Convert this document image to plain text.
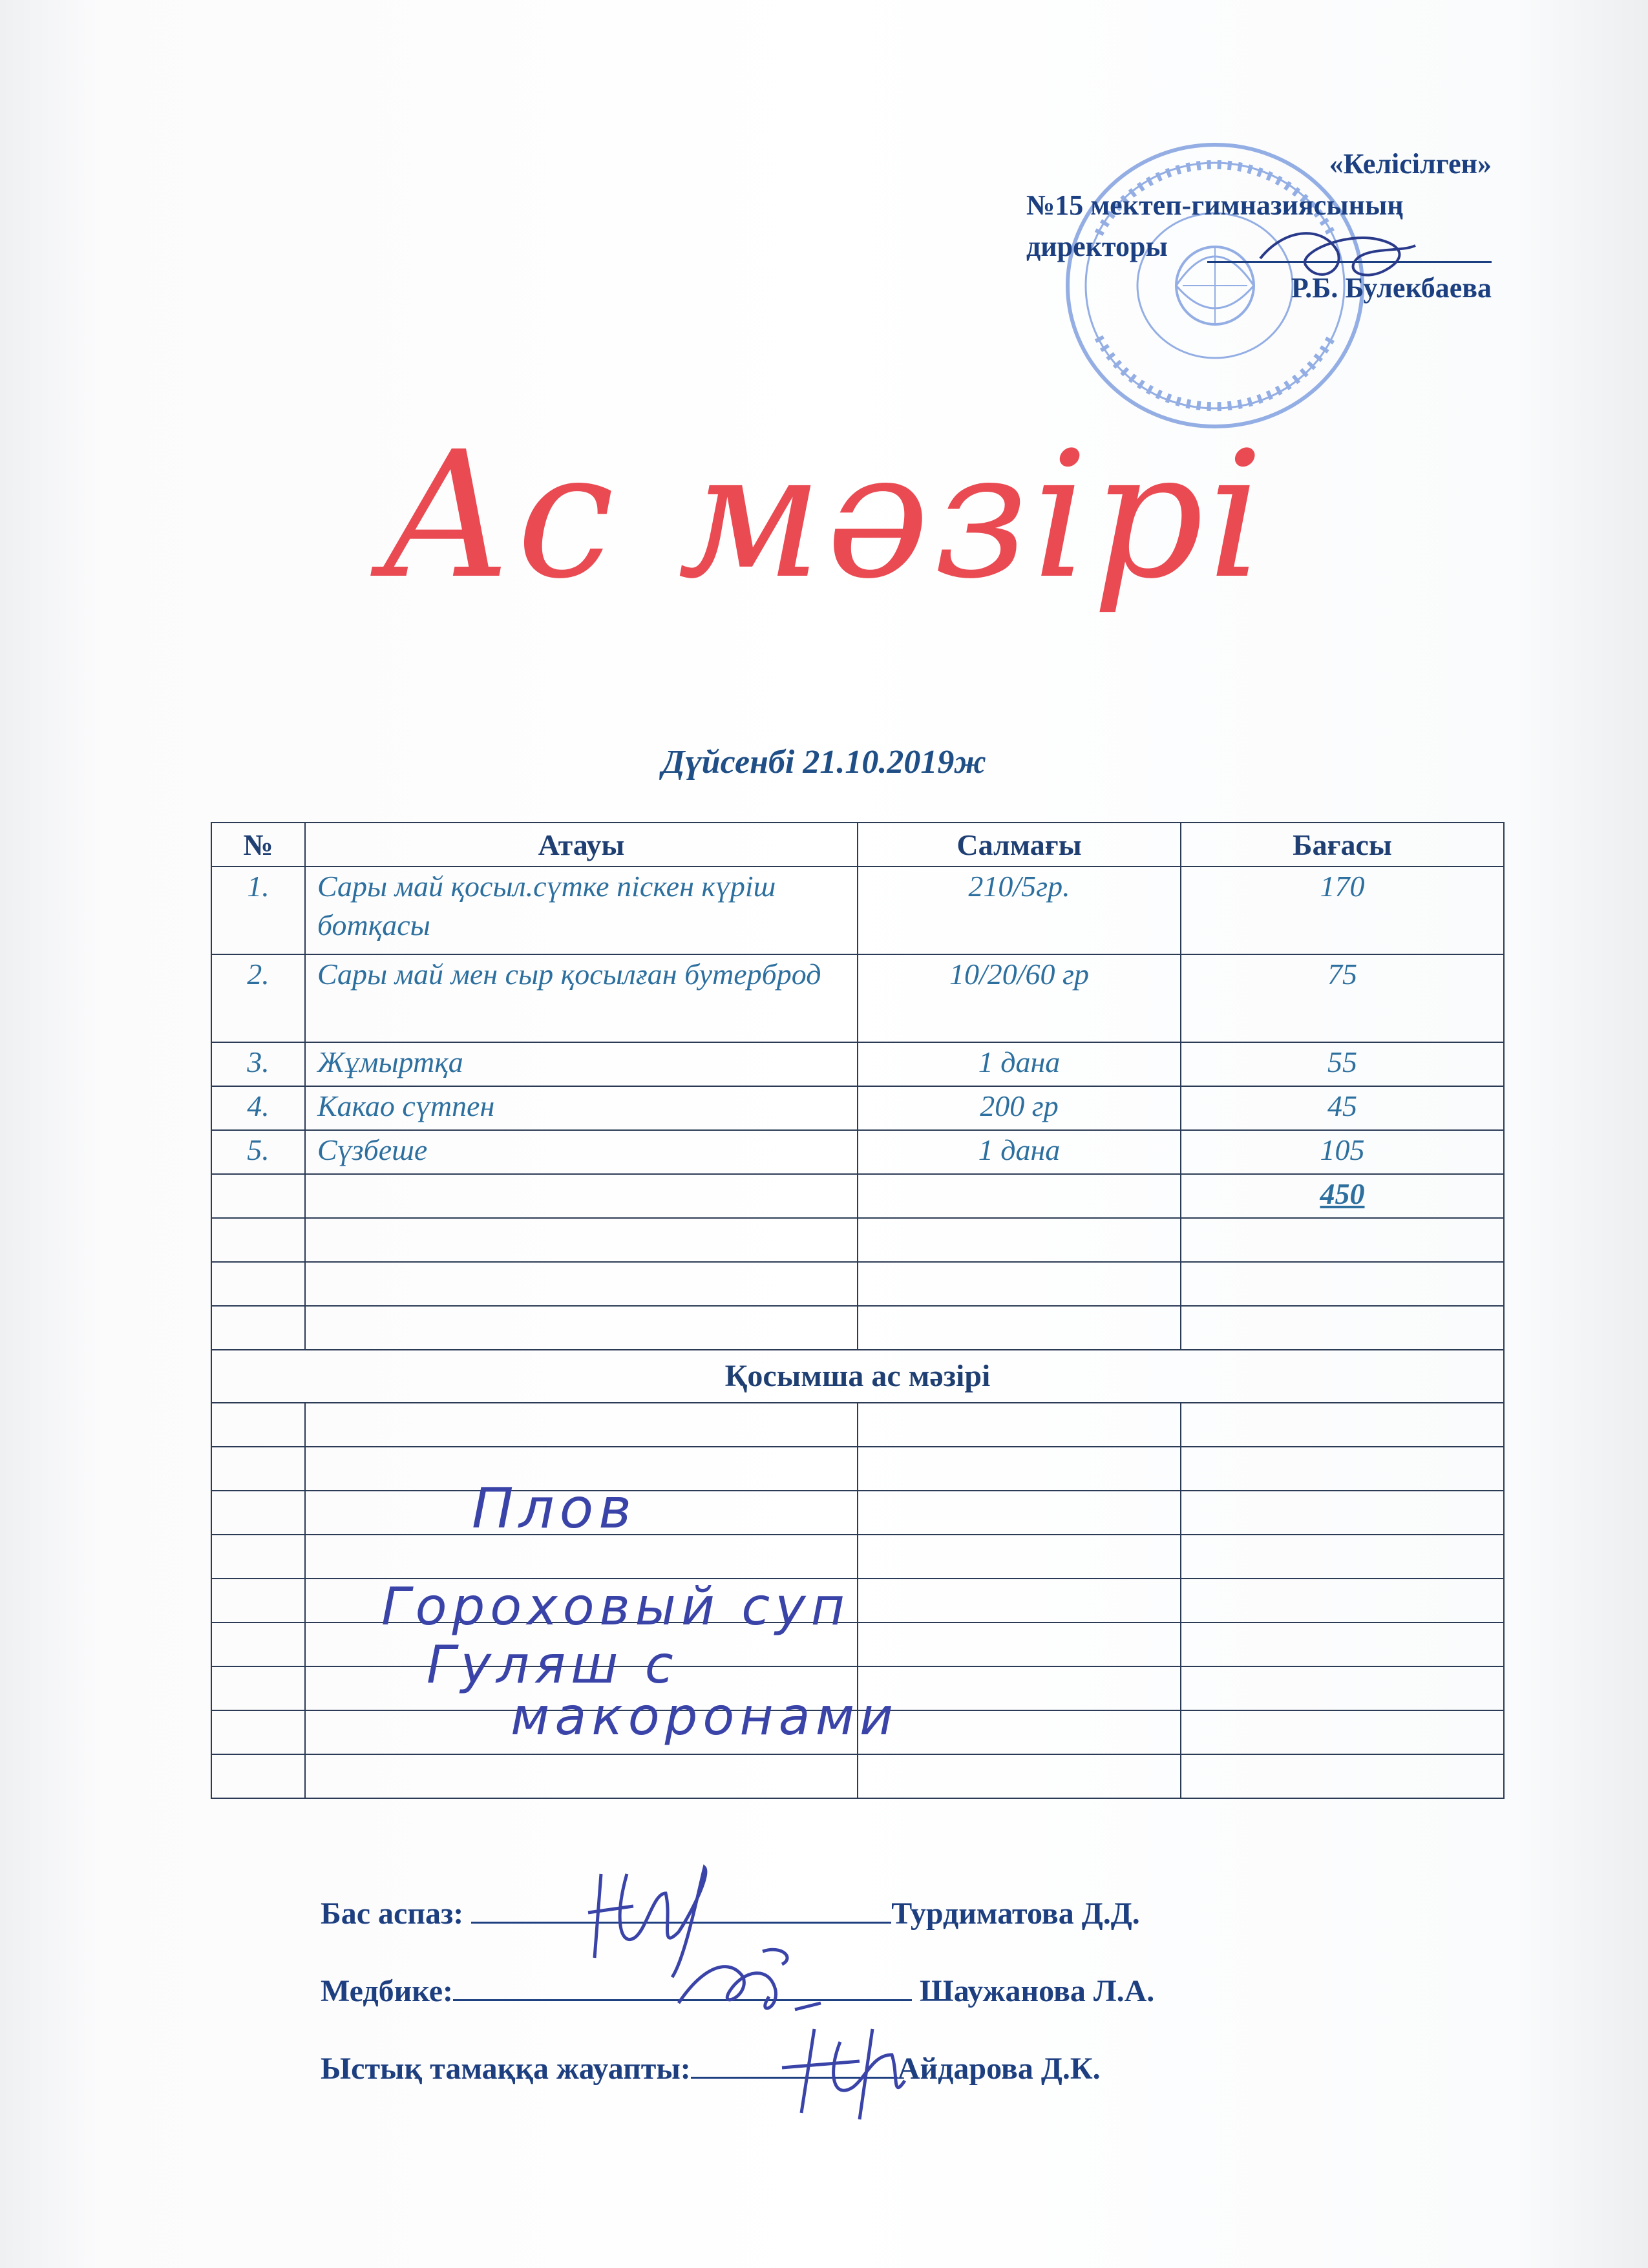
«Келісілген»
№15 мектеп-гимназиясының
директоры
Р.Б. Булекбаева
Ас мәзірі
Дүйсенбі 21.10.2019ж
№	Атауы	Салмағы	Бағасы
1.	Сары май қосыл.сүтке піскен күріш ботқасы	210/5гр.	170
2.	Сары май мен сыр қосылған бутерброд	10/20/60 гр	75
3.	Жұмыртқа	1 дана	55
4.	Какао сүтпен	200 гр	45
5.	Сүзбеше	1 дана	105
			450

Қосымша ас мәзірі			

Плов
Гороховый суп
Гуляш с
макоронами
Бас аспаз:	Турдиматова Д.Д.
Медбике:	Шаужанова Л.А.
Ыстық тамаққа жауапты:	Айдарова Д.К.
